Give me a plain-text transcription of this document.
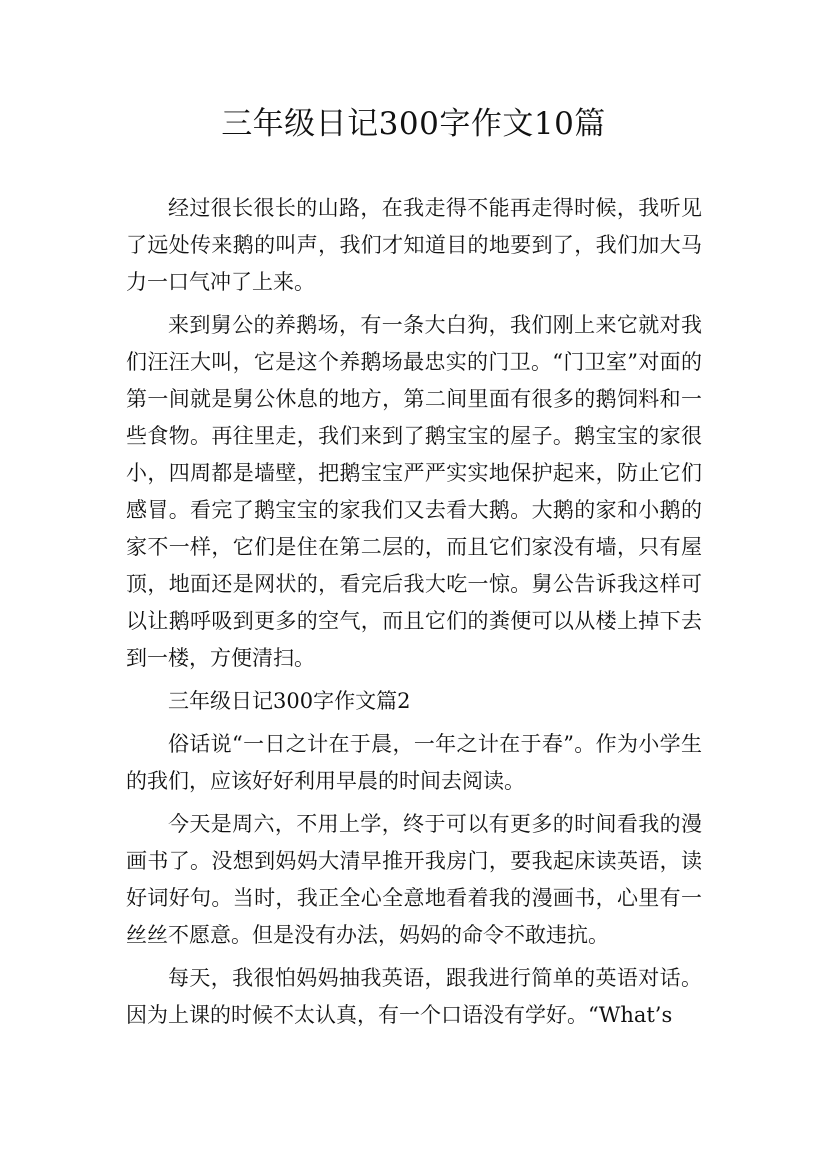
三年级日记300字作文10篇

经过很长很长的山路，在我走得不能再走得时候，我听见了远处传来鹅的叫声，我们才知道目的地要到了，我们加大马力一口气冲了上来。

来到舅公的养鹅场，有一条大白狗，我们刚上来它就对我们汪汪大叫，它是这个养鹅场最忠实的门卫。“门卫室”对面的第一间就是舅公休息的地方，第二间里面有很多的鹅饲料和一些食物。再往里走，我们来到了鹅宝宝的屋子。鹅宝宝的家很小，四周都是墙壁，把鹅宝宝严严实实地保护起来，防止它们感冒。看完了鹅宝宝的家我们又去看大鹅。大鹅的家和小鹅的家不一样，它们是住在第二层的，而且它们家没有墙，只有屋顶，地面还是网状的，看完后我大吃一惊。舅公告诉我这样可以让鹅呼吸到更多的空气，而且它们的粪便可以从楼上掉下去到一楼，方便清扫。

三年级日记300字作文篇2

俗话说“一日之计在于晨，一年之计在于春”。作为小学生的我们，应该好好利用早晨的时间去阅读。

今天是周六，不用上学，终于可以有更多的时间看我的漫画书了。没想到妈妈大清早推开我房门，要我起床读英语，读好词好句。当时，我正全心全意地看着我的漫画书，心里有一丝丝不愿意。但是没有办法，妈妈的命令不敢违抗。

每天，我很怕妈妈抽我英语，跟我进行简单的英语对话。因为上课的时候不太认真，有一个口语没有学好。“What’s
